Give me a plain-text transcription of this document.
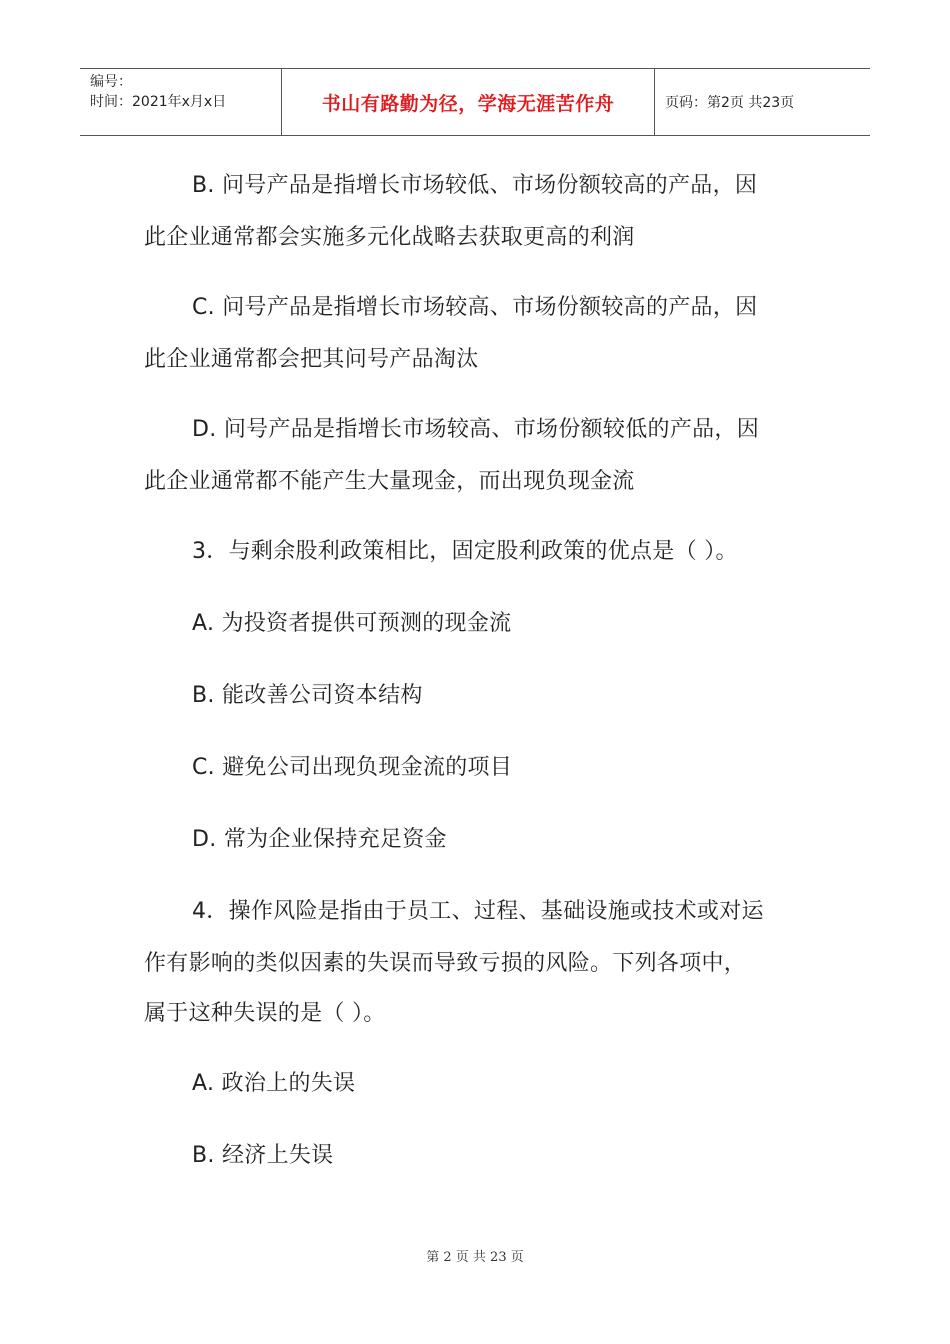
编号：
时间：2021年x月x日	书山有路勤为径，学海无涯苦作舟	页码：第2页 共23页
B. 问号产品是指增长市场较低、市场份额较高的产品，因
此企业通常都会实施多元化战略去获取更高的利润
C. 问号产品是指增长市场较高、市场份额较高的产品，因
此企业通常都会把其问号产品淘汰
D. 问号产品是指增长市场较高、市场份额较低的产品，因
此企业通常都不能产生大量现金，而出现负现金流
3．与剩余股利政策相比，固定股利政策的优点是（ ）。
A. 为投资者提供可预测的现金流
B. 能改善公司资本结构
C. 避免公司出现负现金流的项目
D. 常为企业保持充足资金
4．操作风险是指由于员工、过程、基础设施或技术或对运
作有影响的类似因素的失误而导致亏损的风险。下列各项中，
属于这种失误的是（ ）。
A. 政治上的失误
B. 经济上失误
第 2 页 共 23 页
